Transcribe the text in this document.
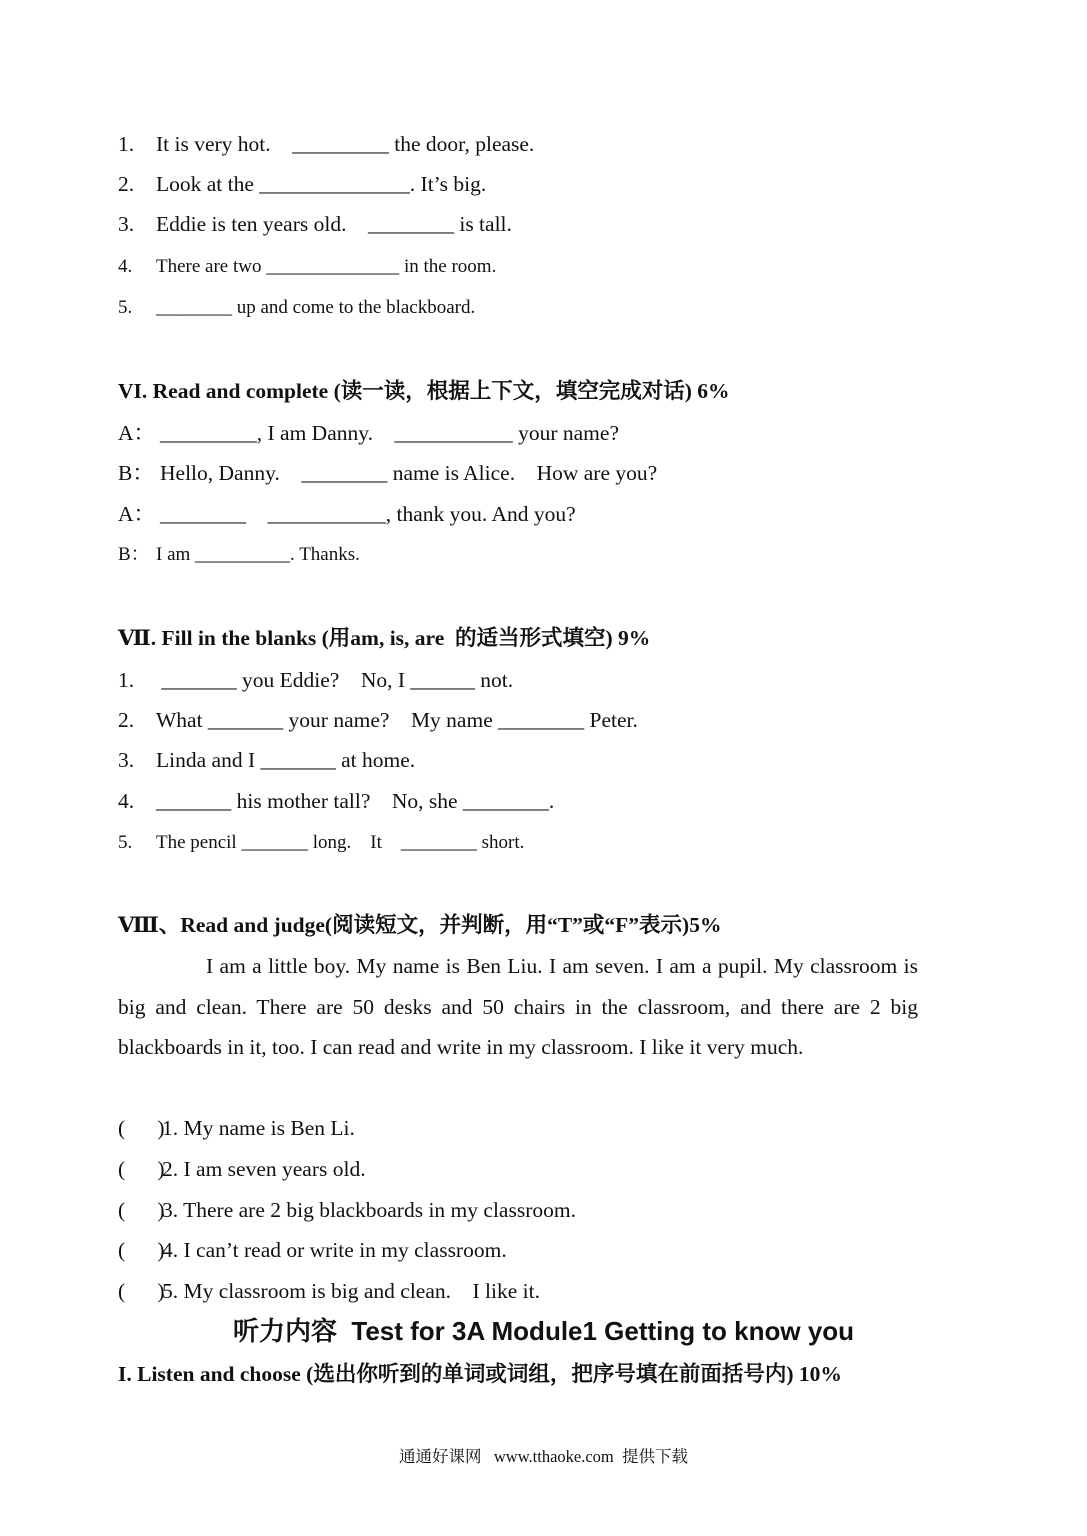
1. It is very hot.    _________ the door, please.
2. Look at the ______________. It’s big.
3. Eddie is ten years old.    ________ is tall.
4. There are two ______________ in the room.
5. ________ up and come to the blackboard.
VI. Read and complete (读一读，根据上下文，填空完成对话) 6%
A： _________, I am Danny.    ___________ your name?
B： Hello, Danny.    ________ name is Alice.    How are you?
A： ________    ___________, thank you. And you?
B： I am __________. Thanks.
Ⅶ. Fill in the blanks (用am, is, are  的适当形式填空) 9%
1. _______ you Eddie?    No, I ______ not.
2. What _______ your name?    My name ________ Peter.
3. Linda and I _______ at home.
4. _______ his mother tall?    No, she ________.
5. The pencil _______ long.    It    ________ short.
Ⅷ、Read and judge(阅读短文，并判断，用“T”或“F”表示)5%
I am a little boy. My name is Ben Liu. I am seven. I am a pupil. My classroom is big and clean. There are 50 desks and 50 chairs in the classroom, and there are 2 big blackboards in it, too. I can read and write in my classroom. I like it very much.
(      )1. My name is Ben Li.
(      )2. I am seven years old.
(      )3. There are 2 big blackboards in my classroom.
(      )4. I can’t read or write in my classroom.
(      )5. My classroom is big and clean.    I like it.
听力内容  Test for 3A Module1 Getting to know you
I. Listen and choose (选出你听到的单词或词组，把序号填在前面括号内) 10%
通通好课网   www.tthaoke.com  提供下载
